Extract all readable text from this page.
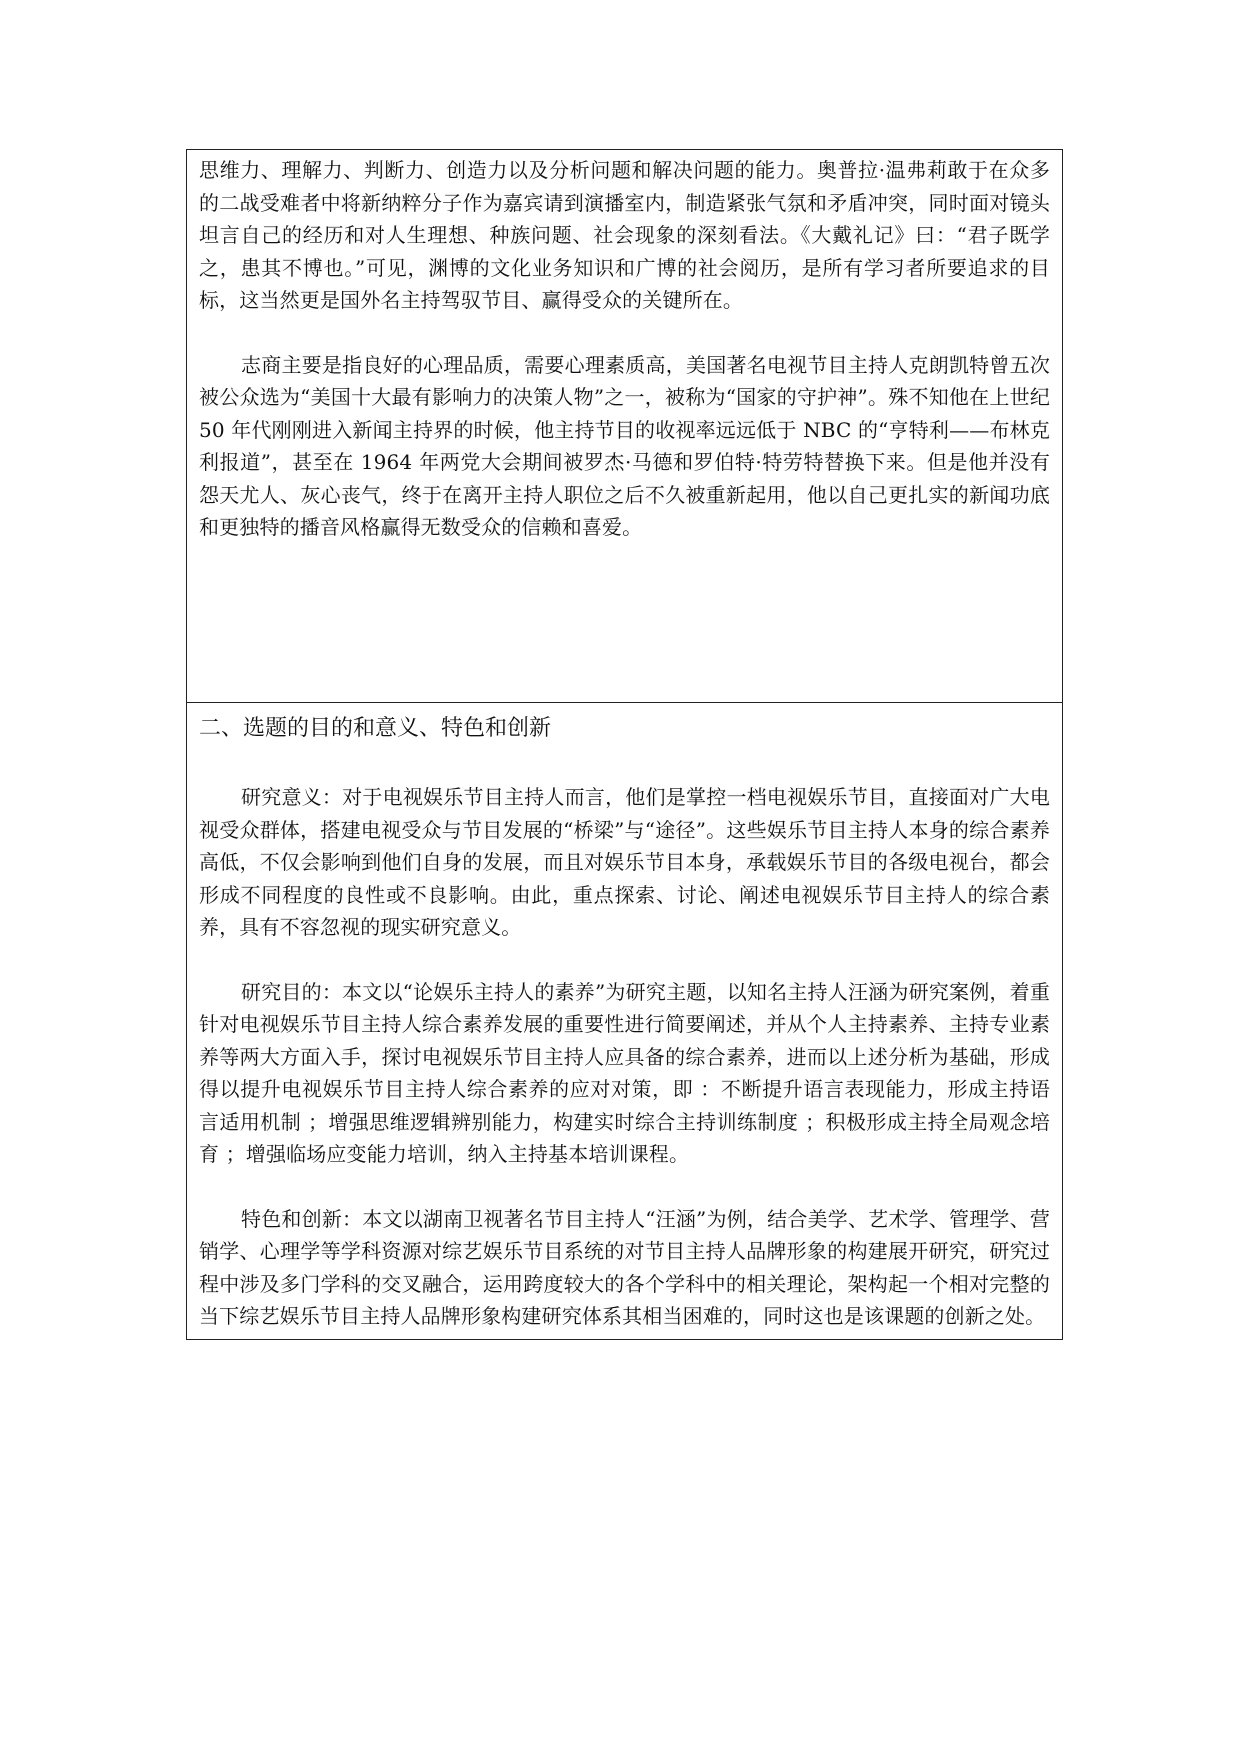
思维力、理解力、判断力、创造力以及分析问题和解决问题的能力。奥普拉·温弗莉敢于在众多的二战受难者中将新纳粹分子作为嘉宾请到演播室内，制造紧张气氛和矛盾冲突，同时面对镜头坦言自己的经历和对人生理想、种族问题、社会现象的深刻看法。《大戴礼记》曰：“君子既学之，患其不博也。”可见，渊博的文化业务知识和广博的社会阅历，是所有学习者所要追求的目标，这当然更是国外名主持驾驭节目、赢得受众的关键所在。

志商主要是指良好的心理品质，需要心理素质高，美国著名电视节目主持人克朗凯特曾五次被公众选为“美国十大最有影响力的决策人物”之一，被称为“国家的守护神”。殊不知他在上世纪 50 年代刚刚进入新闻主持界的时候，他主持节目的收视率远远低于 NBC 的“亨特利——布林克利报道”，甚至在 1964 年两党大会期间被罗杰·马德和罗伯特·特劳特替换下来。但是他并没有怨天尤人、灰心丧气，终于在离开主持人职位之后不久被重新起用，他以自己更扎实的新闻功底和更独特的播音风格赢得无数受众的信赖和喜爱。

二、选题的目的和意义、特色和创新

研究意义：对于电视娱乐节目主持人而言，他们是掌控一档电视娱乐节目，直接面对广大电视受众群体，搭建电视受众与节目发展的“桥梁”与“途径”。这些娱乐节目主持人本身的综合素养高低，不仅会影响到他们自身的发展，而且对娱乐节目本身，承载娱乐节目的各级电视台，都会形成不同程度的良性或不良影响。由此，重点探索、讨论、阐述电视娱乐节目主持人的综合素养，具有不容忽视的现实研究意义。

研究目的：本文以“论娱乐主持人的素养”为研究主题，以知名主持人汪涵为研究案例，着重针对电视娱乐节目主持人综合素养发展的重要性进行简要阐述，并从个人主持素养、主持专业素养等两大方面入手，探讨电视娱乐节目主持人应具备的综合素养，进而以上述分析为基础，形成得以提升电视娱乐节目主持人综合素养的应对对策，即 ：不断提升语言表现能力，形成主持语言适用机制 ；增强思维逻辑辨别能力，构建实时综合主持训练制度 ；积极形成主持全局观念培育 ；增强临场应变能力培训，纳入主持基本培训课程。

特色和创新：本文以湖南卫视著名节目主持人“汪涵”为例，结合美学、艺术学、管理学、营销学、心理学等学科资源对综艺娱乐节目系统的对节目主持人品牌形象的构建展开研究，研究过程中涉及多门学科的交叉融合，运用跨度较大的各个学科中的相关理论，架构起一个相对完整的当下综艺娱乐节目主持人品牌形象构建研究体系其相当困难的，同时这也是该课题的创新之处。
